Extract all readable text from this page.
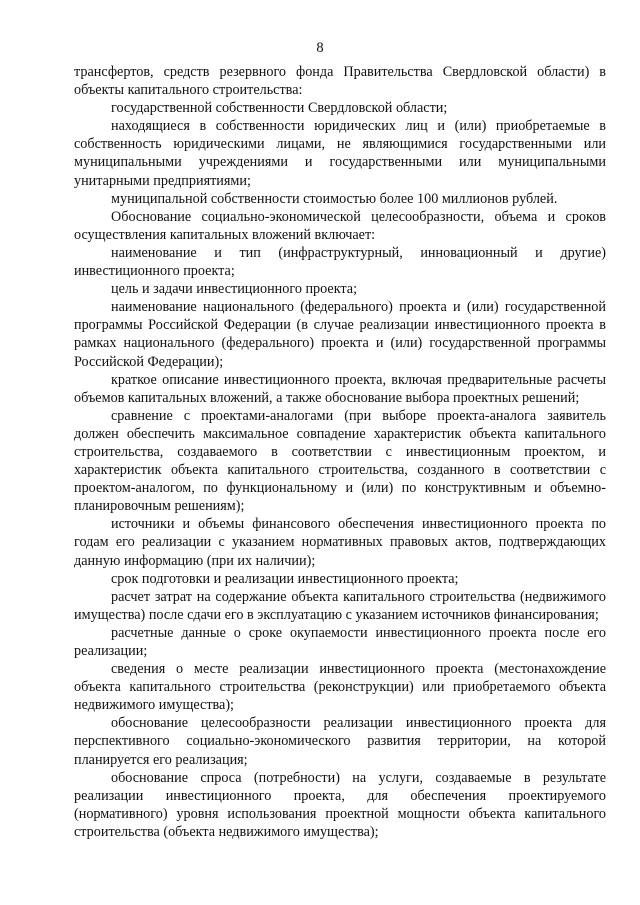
8

трансфертов, средств резервного фонда Правительства Свердловской области) в объекты капитального строительства:

государственной собственности Свердловской области;

находящиеся в собственности юридических лиц и (или) приобретаемые в собственность юридическими лицами, не являющимися государственными или муниципальными учреждениями и государственными или муниципальными унитарными предприятиями;

муниципальной собственности стоимостью более 100 миллионов рублей.

Обоснование социально-экономической целесообразности, объема и сроков осуществления капитальных вложений включает:

наименование и тип (инфраструктурный, инновационный и другие) инвестиционного проекта;

цель и задачи инвестиционного проекта;

наименование национального (федерального) проекта и (или) государственной программы Российской Федерации (в случае реализации инвестиционного проекта в рамках национального (федерального) проекта и (или) государственной программы Российской Федерации);

краткое описание инвестиционного проекта, включая предварительные расчеты объемов капитальных вложений, а также обоснование выбора проектных решений;

сравнение с проектами-аналогами (при выборе проекта-аналога заявитель должен обеспечить максимальное совпадение характеристик объекта капитального строительства, создаваемого в соответствии с инвестиционным проектом, и характеристик объекта капитального строительства, созданного в соответствии с проектом-аналогом, по функциональному и (или) по конструктивным и объемно-планировочным решениям);

источники и объемы финансового обеспечения инвестиционного проекта по годам его реализации с указанием нормативных правовых актов, подтверждающих данную информацию (при их наличии);

срок подготовки и реализации инвестиционного проекта;

расчет затрат на содержание объекта капитального строительства (недвижимого имущества) после сдачи его в эксплуатацию с указанием источников финансирования;

расчетные данные о сроке окупаемости инвестиционного проекта после его реализации;

сведения о месте реализации инвестиционного проекта (местонахождение объекта капитального строительства (реконструкции) или приобретаемого объекта недвижимого имущества);

обоснование целесообразности реализации инвестиционного проекта для перспективного социально-экономического развития территории, на которой планируется его реализация;

обоснование спроса (потребности) на услуги, создаваемые в результате реализации инвестиционного проекта, для обеспечения проектируемого (нормативного) уровня использования проектной мощности объекта капитального строительства (объекта недвижимого имущества);
